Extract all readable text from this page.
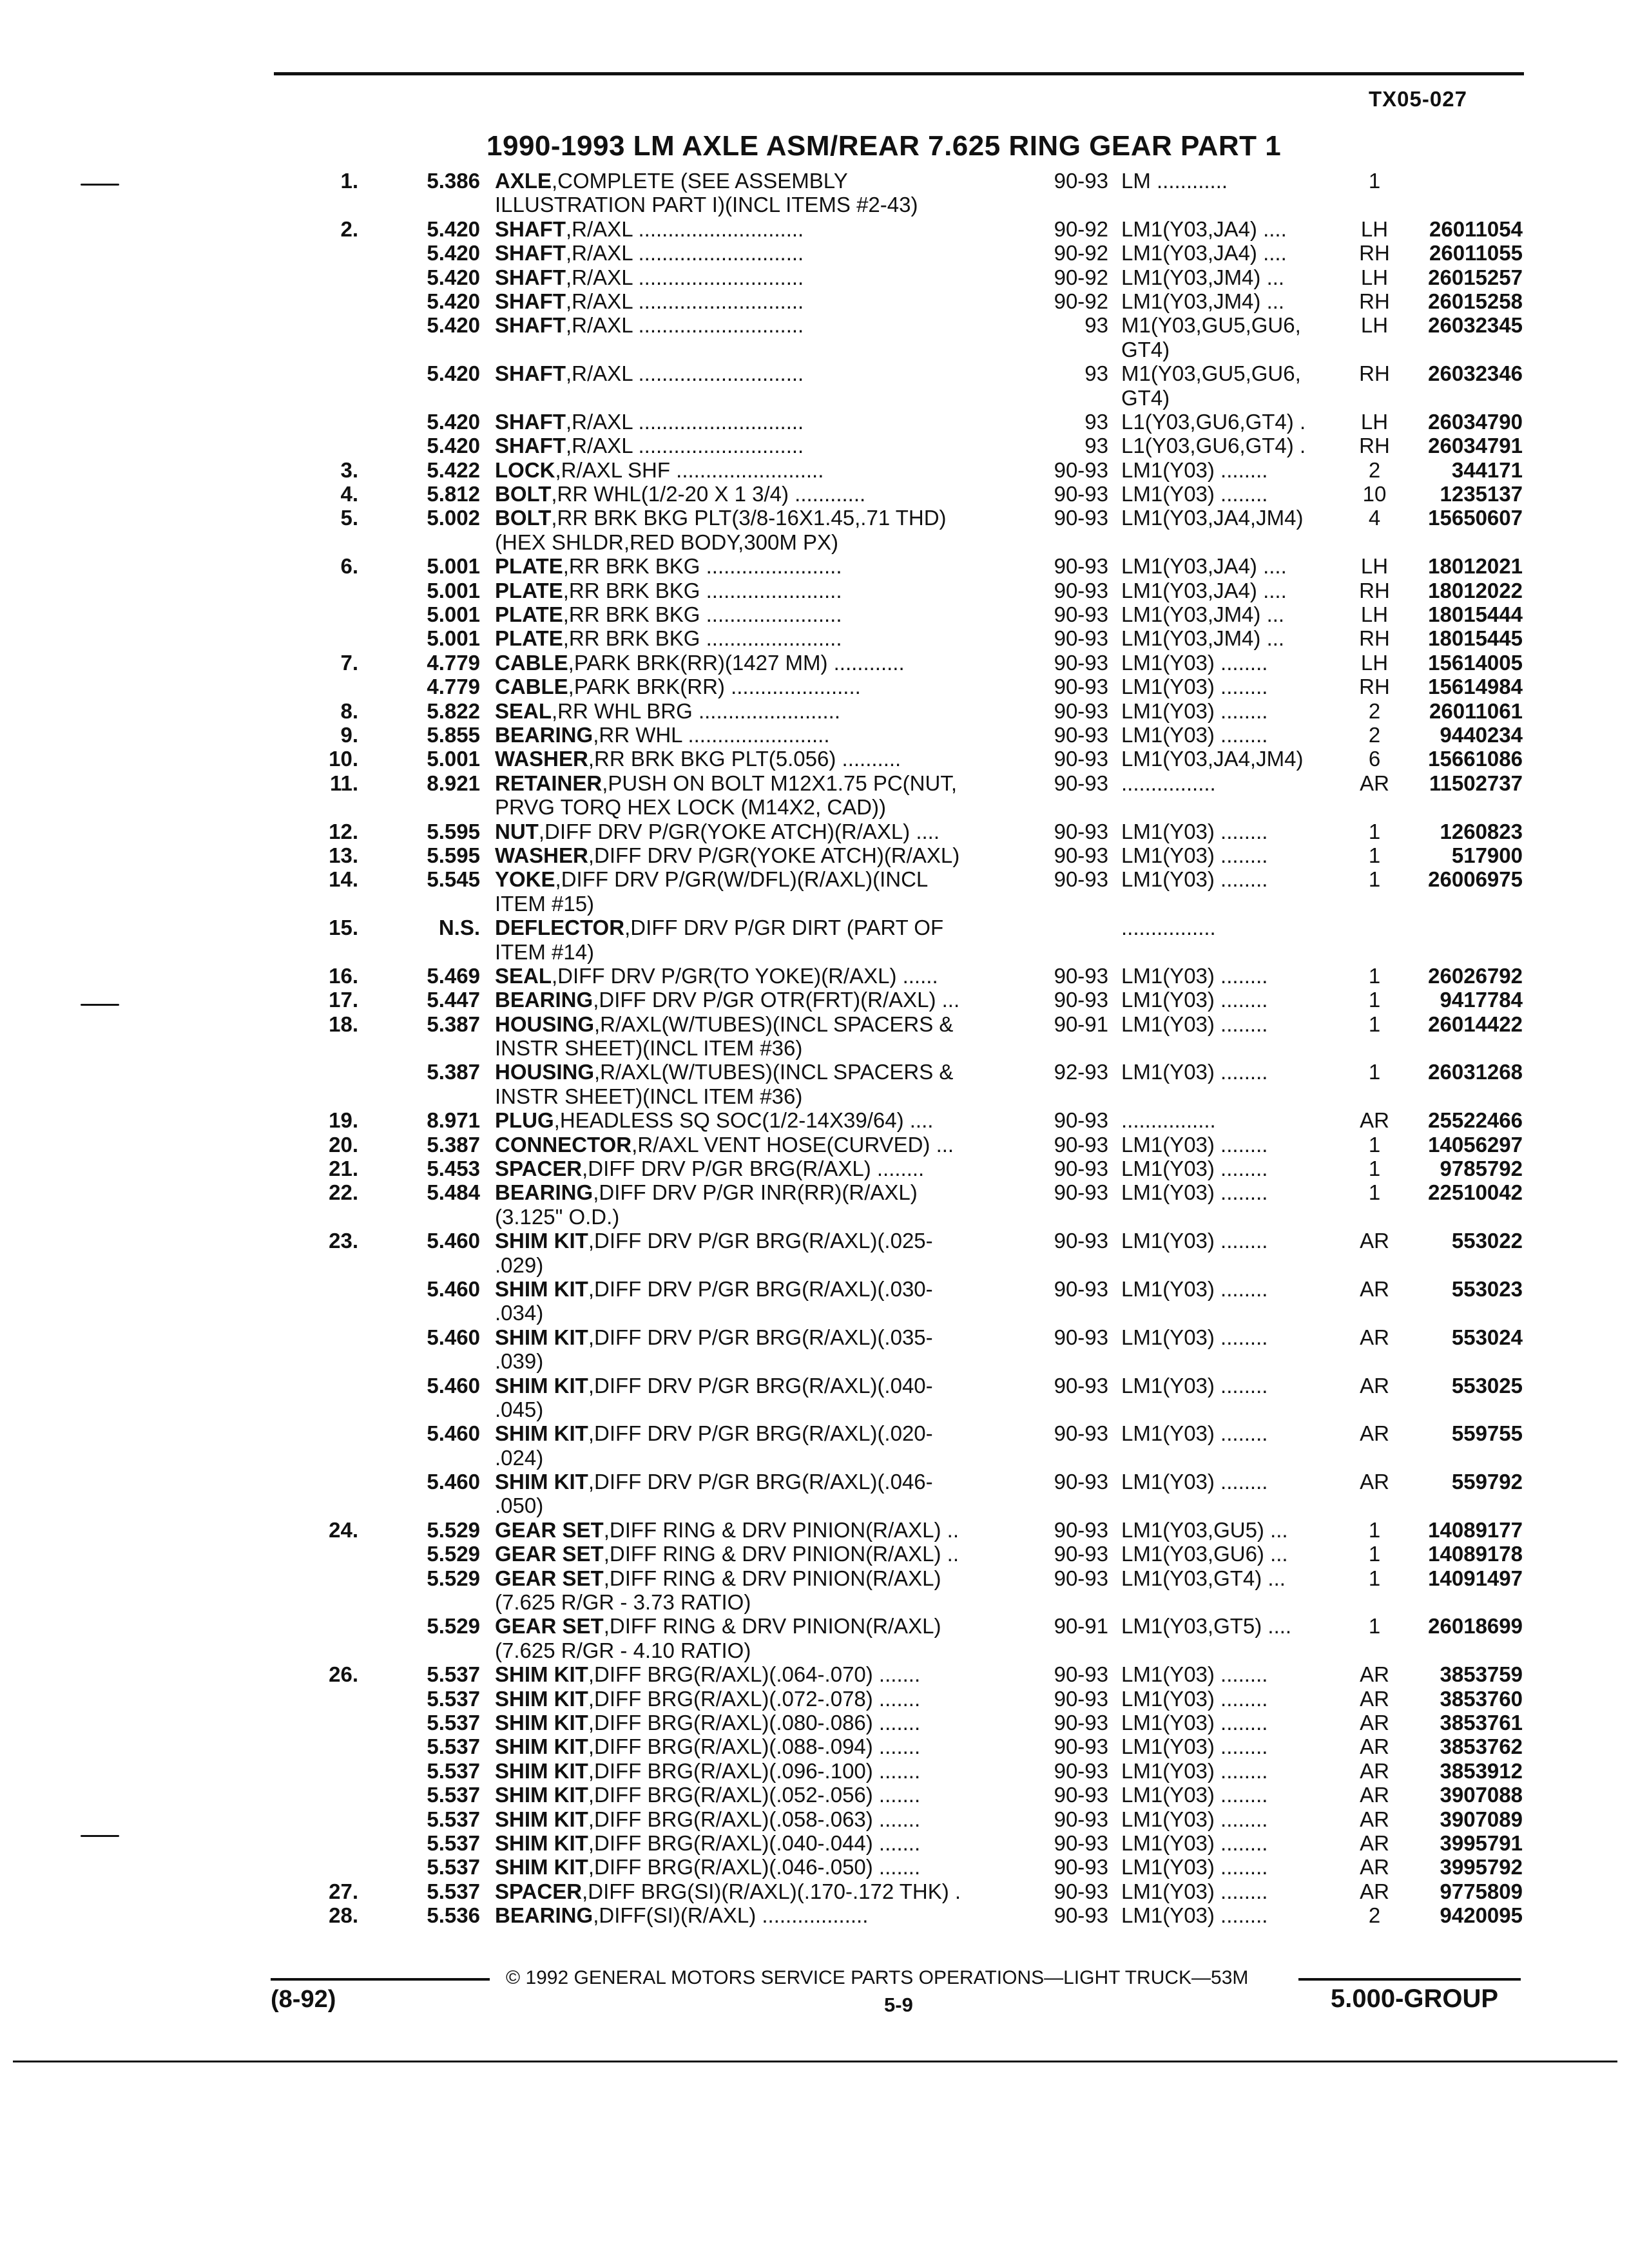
TX05-027
1990-1993 LM AXLE ASM/REAR 7.625 RING GEAR PART 1
1.	5.386 AXLE,COMPLETE (SEE ASSEMBLY	90-93 LM ............	1
ILLUSTRATION PART I)(INCL ITEMS #2-43)
2.	5.420 SHAFT,R/AXL ............................	90-92 LM1(Y03,JA4) ....	LH	26011054
5.420 SHAFT,R/AXL ............................	90-92 LM1(Y03,JA4) ....	RH	26011055
5.420 SHAFT,R/AXL ............................	90-92 LM1(Y03,JM4) ...	LH	26015257
5.420 SHAFT,R/AXL ............................	90-92 LM1(Y03,JM4) ...	RH	26015258
5.420 SHAFT,R/AXL ............................	93 M1(Y03,GU5,GU6,	LH	26032345
GT4)
5.420 SHAFT,R/AXL ............................	93 M1(Y03,GU5,GU6,	RH	26032346
GT4)
5.420 SHAFT,R/AXL ............................	93 L1(Y03,GU6,GT4) .	LH	26034790
5.420 SHAFT,R/AXL ............................	93 L1(Y03,GU6,GT4) .	RH	26034791
3.	5.422 LOCK,R/AXL SHF .........................	90-93 LM1(Y03) ........	2	344171
4.	5.812 BOLT,RR WHL(1/2-20 X 1 3/4) ............	90-93 LM1(Y03) ........	10	1235137
5.	5.002 BOLT,RR BRK BKG PLT(3/8-16X1.45,.71 THD)	90-93 LM1(Y03,JA4,JM4)	4	15650607
(HEX SHLDR,RED BODY,300M PX)
6.	5.001 PLATE,RR BRK BKG .......................	90-93 LM1(Y03,JA4) ....	LH	18012021
5.001 PLATE,RR BRK BKG .......................	90-93 LM1(Y03,JA4) ....	RH	18012022
5.001 PLATE,RR BRK BKG .......................	90-93 LM1(Y03,JM4) ...	LH	18015444
5.001 PLATE,RR BRK BKG .......................	90-93 LM1(Y03,JM4) ...	RH	18015445
7.	4.779 CABLE,PARK BRK(RR)(1427 MM) ............	90-93 LM1(Y03) ........	LH	15614005
4.779 CABLE,PARK BRK(RR) ......................	90-93 LM1(Y03) ........	RH	15614984
8.	5.822 SEAL,RR WHL BRG ........................	90-93 LM1(Y03) ........	2	26011061
9.	5.855 BEARING,RR WHL ........................	90-93 LM1(Y03) ........	2	9440234
10.	5.001 WASHER,RR BRK BKG PLT(5.056) ..........	90-93 LM1(Y03,JA4,JM4)	6	15661086
11.	8.921 RETAINER,PUSH ON BOLT M12X1.75 PC(NUT,	90-93 ................	AR	11502737
PRVG TORQ HEX LOCK (M14X2, CAD))
12.	5.595 NUT,DIFF DRV P/GR(YOKE ATCH)(R/AXL) ....	90-93 LM1(Y03) ........	1	1260823
13.	5.595 WASHER,DIFF DRV P/GR(YOKE ATCH)(R/AXL)	90-93 LM1(Y03) ........	1	517900
14.	5.545 YOKE,DIFF DRV P/GR(W/DFL)(R/AXL)(INCL	90-93 LM1(Y03) ........	1	26006975
ITEM #15)
15.	N.S. DEFLECTOR,DIFF DRV P/GR DIRT (PART OF	................
ITEM #14)
16.	5.469 SEAL,DIFF DRV P/GR(TO YOKE)(R/AXL) ......	90-93 LM1(Y03) ........	1	26026792
17.	5.447 BEARING,DIFF DRV P/GR OTR(FRT)(R/AXL) ...	90-93 LM1(Y03) ........	1	9417784
18.	5.387 HOUSING,R/AXL(W/TUBES)(INCL SPACERS &	90-91 LM1(Y03) ........	1	26014422
INSTR SHEET)(INCL ITEM #36)
5.387 HOUSING,R/AXL(W/TUBES)(INCL SPACERS &	92-93 LM1(Y03) ........	1	26031268
INSTR SHEET)(INCL ITEM #36)
19.	8.971 PLUG,HEADLESS SQ SOC(1/2-14X39/64) ....	90-93 ................	AR	25522466
20.	5.387 CONNECTOR,R/AXL VENT HOSE(CURVED) ...	90-93 LM1(Y03) ........	1	14056297
21.	5.453 SPACER,DIFF DRV P/GR BRG(R/AXL) ........	90-93 LM1(Y03) ........	1	9785792
22.	5.484 BEARING,DIFF DRV P/GR INR(RR)(R/AXL)	90-93 LM1(Y03) ........	1	22510042
(3.125" O.D.)
23.	5.460 SHIM KIT,DIFF DRV P/GR BRG(R/AXL)(.025-	90-93 LM1(Y03) ........	AR	553022
.029)
5.460 SHIM KIT,DIFF DRV P/GR BRG(R/AXL)(.030-	90-93 LM1(Y03) ........	AR	553023
.034)
5.460 SHIM KIT,DIFF DRV P/GR BRG(R/AXL)(.035-	90-93 LM1(Y03) ........	AR	553024
.039)
5.460 SHIM KIT,DIFF DRV P/GR BRG(R/AXL)(.040-	90-93 LM1(Y03) ........	AR	553025
.045)
5.460 SHIM KIT,DIFF DRV P/GR BRG(R/AXL)(.020-	90-93 LM1(Y03) ........	AR	559755
.024)
5.460 SHIM KIT,DIFF DRV P/GR BRG(R/AXL)(.046-	90-93 LM1(Y03) ........	AR	559792
.050)
24.	5.529 GEAR SET,DIFF RING & DRV PINION(R/AXL) ..	90-93 LM1(Y03,GU5) ...	1	14089177
5.529 GEAR SET,DIFF RING & DRV PINION(R/AXL) ..	90-93 LM1(Y03,GU6) ...	1	14089178
5.529 GEAR SET,DIFF RING & DRV PINION(R/AXL)	90-93 LM1(Y03,GT4) ...	1	14091497
(7.625 R/GR - 3.73 RATIO)
5.529 GEAR SET,DIFF RING & DRV PINION(R/AXL)	90-91 LM1(Y03,GT5) ....	1	26018699
(7.625 R/GR - 4.10 RATIO)
26.	5.537 SHIM KIT,DIFF BRG(R/AXL)(.064-.070) .......	90-93 LM1(Y03) ........	AR	3853759
5.537 SHIM KIT,DIFF BRG(R/AXL)(.072-.078) .......	90-93 LM1(Y03) ........	AR	3853760
5.537 SHIM KIT,DIFF BRG(R/AXL)(.080-.086) .......	90-93 LM1(Y03) ........	AR	3853761
5.537 SHIM KIT,DIFF BRG(R/AXL)(.088-.094) .......	90-93 LM1(Y03) ........	AR	3853762
5.537 SHIM KIT,DIFF BRG(R/AXL)(.096-.100) .......	90-93 LM1(Y03) ........	AR	3853912
5.537 SHIM KIT,DIFF BRG(R/AXL)(.052-.056) .......	90-93 LM1(Y03) ........	AR	3907088
5.537 SHIM KIT,DIFF BRG(R/AXL)(.058-.063) .......	90-93 LM1(Y03) ........	AR	3907089
5.537 SHIM KIT,DIFF BRG(R/AXL)(.040-.044) .......	90-93 LM1(Y03) ........	AR	3995791
5.537 SHIM KIT,DIFF BRG(R/AXL)(.046-.050) .......	90-93 LM1(Y03) ........	AR	3995792
27.	5.537 SPACER,DIFF BRG(SI)(R/AXL)(.170-.172 THK) .	90-93 LM1(Y03) ........	AR	9775809
28.	5.536 BEARING,DIFF(SI)(R/AXL) ..................	90-93 LM1(Y03) ........	2	9420095
© 1992 GENERAL MOTORS SERVICE PARTS OPERATIONS—LIGHT TRUCK—53M
(8-92)	5-9	5.000-GROUP
